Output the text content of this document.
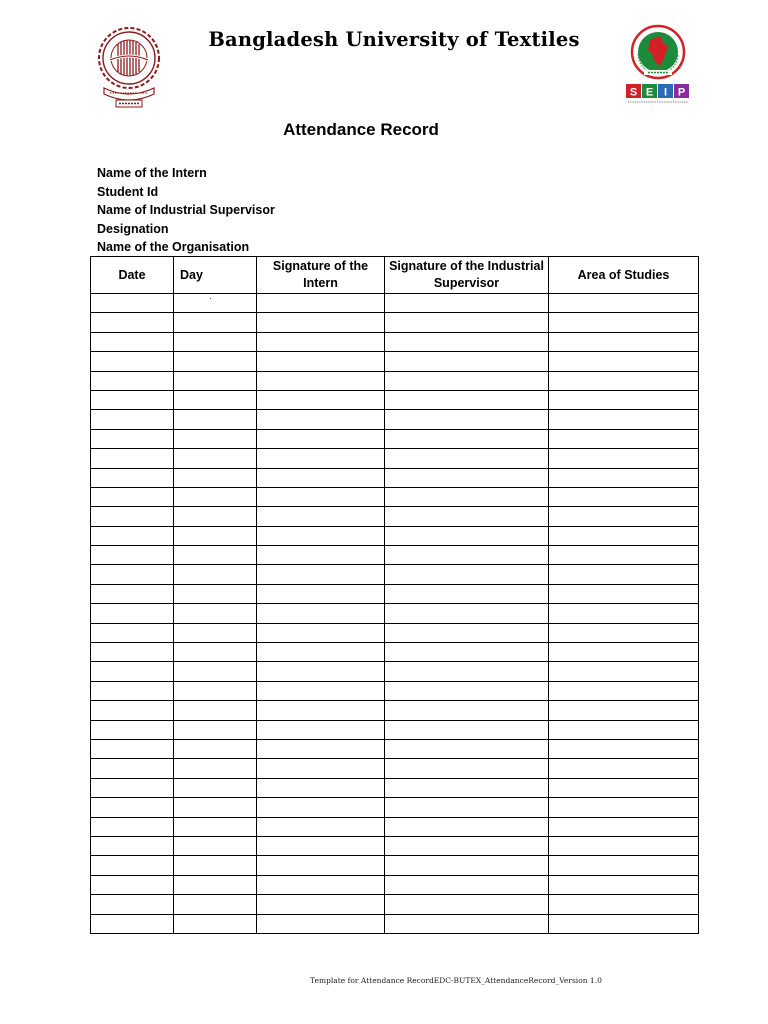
Bangladesh University of Textiles
S E I P
Attendance Record
Name of the Intern
Student Id
Name of Industrial Supervisor
Designation
Name of the Organisation
Date	Day	Signature of the Intern	Signature of the Industrial Supervisor	Area of Studies

Template for Attendance RecordEDC-BUTEX_AttendanceRecord_Version 1.0
